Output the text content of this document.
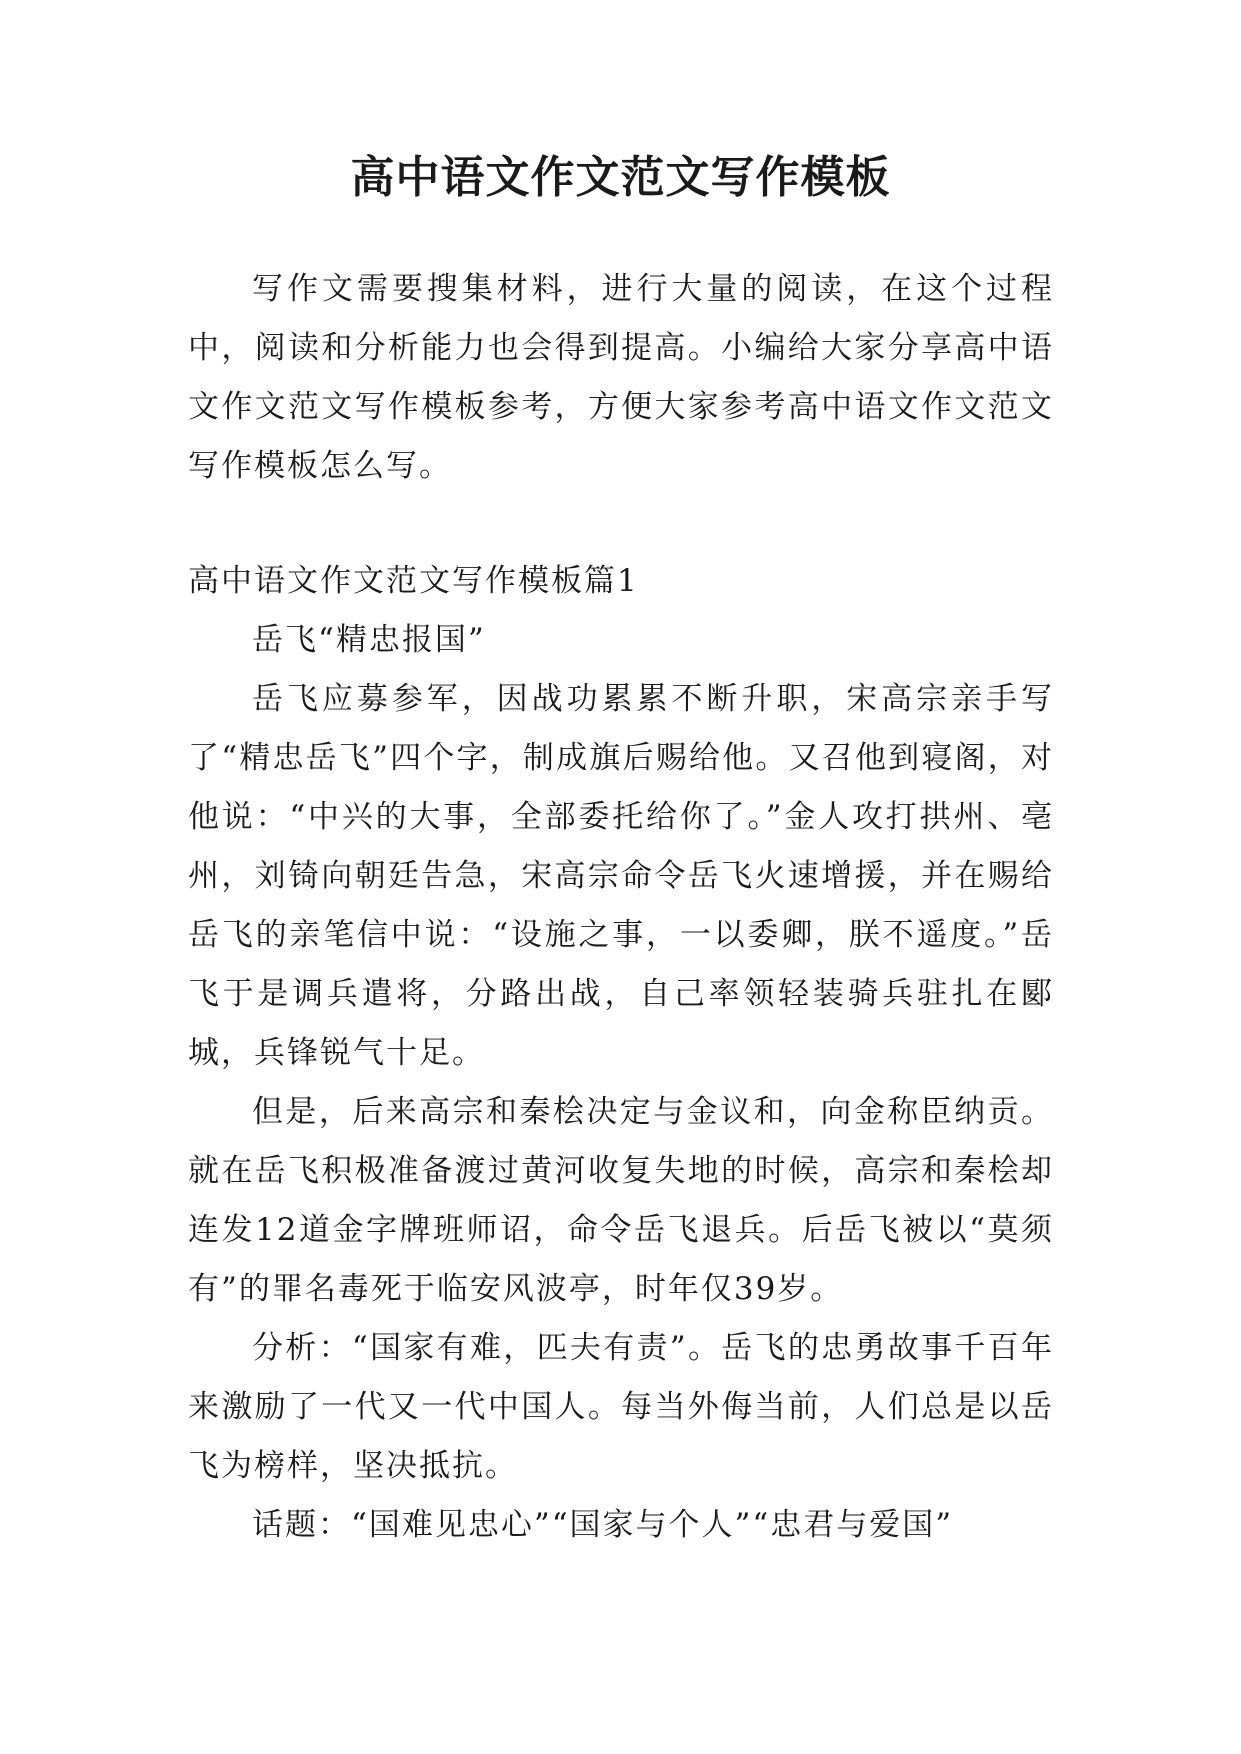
高中语文作文范文写作模板

写作文需要搜集材料，进行大量的阅读，在这个过程中，阅读和分析能力也会得到提高。小编给大家分享高中语文作文范文写作模板参考，方便大家参考高中语文作文范文写作模板怎么写。

高中语文作文范文写作模板篇1

岳飞“精忠报国”

岳飞应募参军，因战功累累不断升职，宋高宗亲手写了“精忠岳飞”四个字，制成旗后赐给他。又召他到寝阁，对他说：“中兴的大事，全部委托给你了。”金人攻打拱州、亳州，刘锜向朝廷告急，宋高宗命令岳飞火速增援，并在赐给岳飞的亲笔信中说：“设施之事，一以委卿，朕不遥度。”岳飞于是调兵遣将，分路出战，自己率领轻装骑兵驻扎在郾城，兵锋锐气十足。

但是，后来高宗和秦桧决定与金议和，向金称臣纳贡。就在岳飞积极准备渡过黄河收复失地的时候，高宗和秦桧却连发12道金字牌班师诏，命令岳飞退兵。后岳飞被以“莫须有”的罪名毒死于临安风波亭，时年仅39岁。

分析：“国家有难，匹夫有责”。岳飞的忠勇故事千百年来激励了一代又一代中国人。每当外侮当前，人们总是以岳飞为榜样，坚决抵抗。

话题：“国难见忠心”“国家与个人”“忠君与爱国”
